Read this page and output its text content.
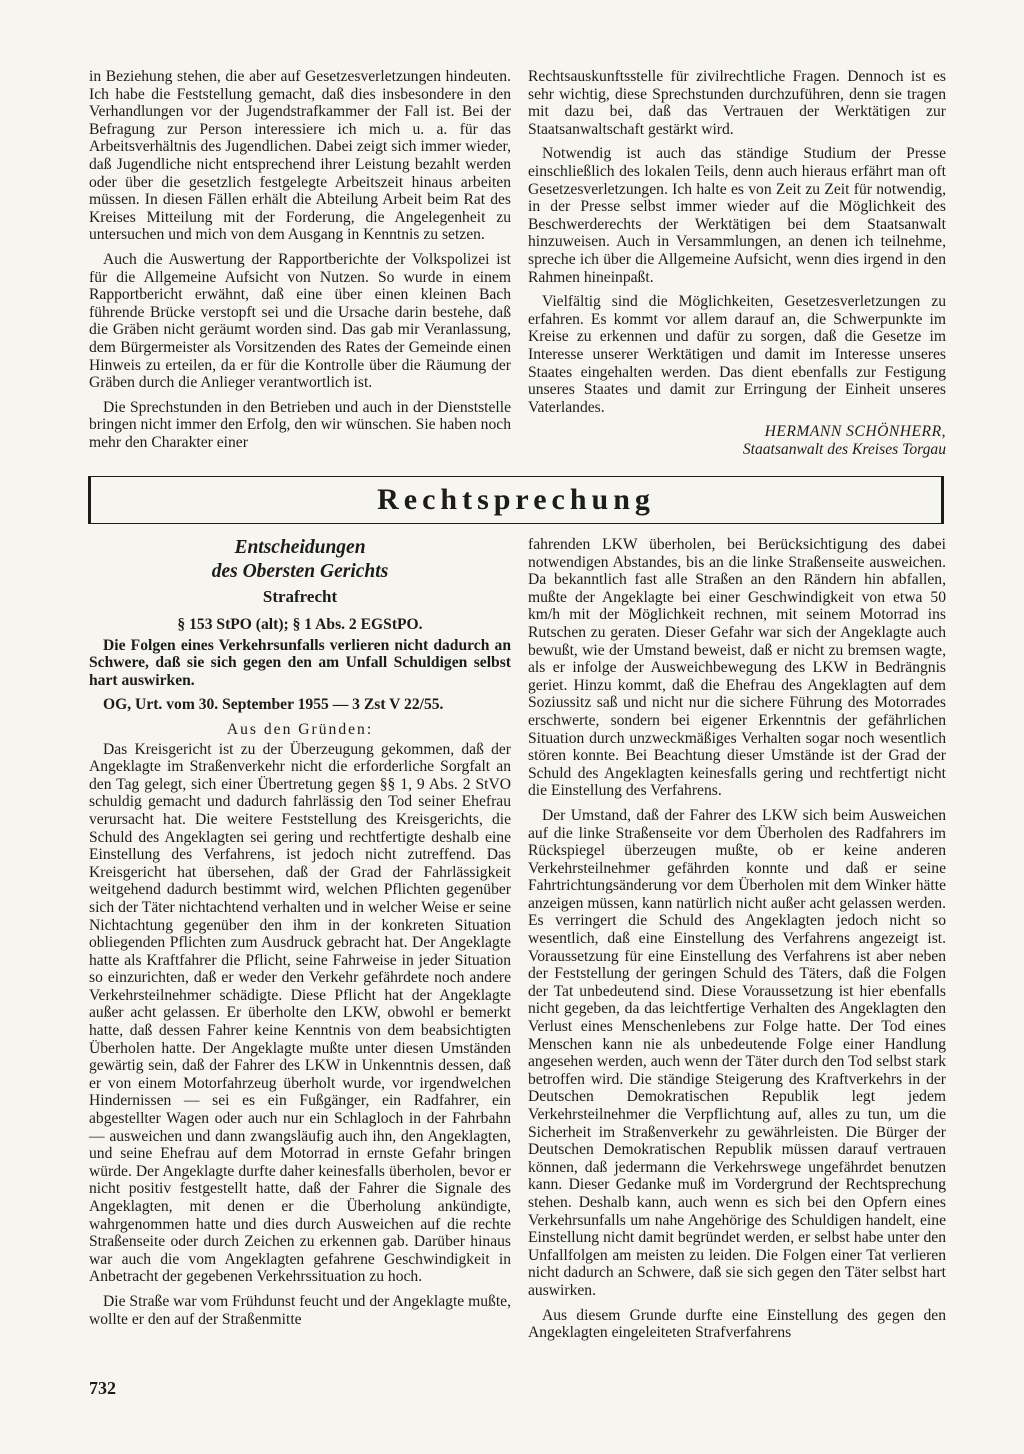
in Beziehung stehen, die aber auf Gesetzesverletzungen hindeuten. Ich habe die Feststellung gemacht, daß dies insbesondere in den Verhandlungen vor der Jugendstrafkammer der Fall ist. Bei der Befragung zur Person interessiere ich mich u. a. für das Arbeitsverhältnis des Jugendlichen. Dabei zeigt sich immer wieder, daß Jugendliche nicht entsprechend ihrer Leistung bezahlt werden oder über die gesetzlich festgelegte Arbeitszeit hinaus arbeiten müssen. In diesen Fällen erhält die Abteilung Arbeit beim Rat des Kreises Mitteilung mit der Forderung, die Angelegenheit zu untersuchen und mich von dem Ausgang in Kenntnis zu setzen.

Auch die Auswertung der Rapportberichte der Volkspolizei ist für die Allgemeine Aufsicht von Nutzen. So wurde in einem Rapportbericht erwähnt, daß eine über einen kleinen Bach führende Brücke verstopft sei und die Ursache darin bestehe, daß die Gräben nicht geräumt worden sind. Das gab mir Veranlassung, dem Bürgermeister als Vorsitzenden des Rates der Gemeinde einen Hinweis zu erteilen, da er für die Kontrolle über die Räumung der Gräben durch die Anlieger verantwortlich ist.

Die Sprechstunden in den Betrieben und auch in der Dienststelle bringen nicht immer den Erfolg, den wir wünschen. Sie haben noch mehr den Charakter einer

Rechtsauskunftsstelle für zivilrechtliche Fragen. Dennoch ist es sehr wichtig, diese Sprechstunden durchzuführen, denn sie tragen mit dazu bei, daß das Vertrauen der Werktätigen zur Staatsanwaltschaft gestärkt wird.

Notwendig ist auch das ständige Studium der Presse einschließlich des lokalen Teils, denn auch hieraus erfährt man oft Gesetzesverletzungen. Ich halte es von Zeit zu Zeit für notwendig, in der Presse selbst immer wieder auf die Möglichkeit des Beschwerderechts der Werktätigen bei dem Staatsanwalt hinzuweisen. Auch in Versammlungen, an denen ich teilnehme, spreche ich über die Allgemeine Aufsicht, wenn dies irgend in den Rahmen hineinpaßt.

Vielfältig sind die Möglichkeiten, Gesetzesverletzungen zu erfahren. Es kommt vor allem darauf an, die Schwerpunkte im Kreise zu erkennen und dafür zu sorgen, daß die Gesetze im Interesse unserer Werktätigen und damit im Interesse unseres Staates eingehalten werden. Das dient ebenfalls zur Festigung unseres Staates und damit zur Erringung der Einheit unseres Vaterlandes.

HERMANN SCHÖNHERR,
Staatsanwalt des Kreises Torgau
Rechtsprechung
Entscheidungen
des Obersten Gerichts
Strafrecht
§ 153 StPO (alt); § 1 Abs. 2 EGStPO.

Die Folgen eines Verkehrsunfalls verlieren nicht dadurch an Schwere, daß sie sich gegen den am Unfall Schuldigen selbst hart auswirken.

OG, Urt. vom 30. September 1955 — 3 Zst V 22/55.

Aus den Gründen:

Das Kreisgericht ist zu der Überzeugung gekommen, daß der Angeklagte im Straßenverkehr nicht die erforderliche Sorgfalt an den Tag gelegt, sich einer Übertretung gegen §§ 1, 9 Abs. 2 StVO schuldig gemacht und dadurch fahrlässig den Tod seiner Ehefrau verursacht hat. Die weitere Feststellung des Kreisgerichts, die Schuld des Angeklagten sei gering und rechtfertigte deshalb eine Einstellung des Verfahrens, ist jedoch nicht zutreffend. Das Kreisgericht hat übersehen, daß der Grad der Fahrlässigkeit weitgehend dadurch bestimmt wird, welchen Pflichten gegenüber sich der Täter nichtachtend verhalten und in welcher Weise er seine Nichtachtung gegenüber den ihm in der konkreten Situation obliegenden Pflichten zum Ausdruck gebracht hat. Der Angeklagte hatte als Kraftfahrer die Pflicht, seine Fahrweise in jeder Situation so einzurichten, daß er weder den Verkehr gefährdete noch andere Verkehrsteilnehmer schädigte. Diese Pflicht hat der Angeklagte außer acht gelassen. Er überholte den LKW, obwohl er bemerkt hatte, daß dessen Fahrer keine Kenntnis von dem beabsichtigten Überholen hatte. Der Angeklagte mußte unter diesen Umständen gewärtig sein, daß der Fahrer des LKW in Unkenntnis dessen, daß er von einem Motorfahrzeug überholt wurde, vor irgendwelchen Hindernissen — sei es ein Fußgänger, ein Radfahrer, ein abgestellter Wagen oder auch nur ein Schlagloch in der Fahrbahn — ausweichen und dann zwangsläufig auch ihn, den Angeklagten, und seine Ehefrau auf dem Motorrad in ernste Gefahr bringen würde. Der Angeklagte durfte daher keinesfalls überholen, bevor er nicht positiv festgestellt hatte, daß der Fahrer die Signale des Angeklagten, mit denen er die Überholung ankündigte, wahrgenommen hatte und dies durch Ausweichen auf die rechte Straßenseite oder durch Zeichen zu erkennen gab. Darüber hinaus war auch die vom Angeklagten gefahrene Geschwindigkeit in Anbetracht der gegebenen Verkehrssituation zu hoch.

Die Straße war vom Frühdunst feucht und der Angeklagte mußte, wollte er den auf der Straßenmitte

fahrenden LKW überholen, bei Berücksichtigung des dabei notwendigen Abstandes, bis an die linke Straßenseite ausweichen. Da bekanntlich fast alle Straßen an den Rändern hin abfallen, mußte der Angeklagte bei einer Geschwindigkeit von etwa 50 km/h mit der Möglichkeit rechnen, mit seinem Motorrad ins Rutschen zu geraten. Dieser Gefahr war sich der Angeklagte auch bewußt, wie der Umstand beweist, daß er nicht zu bremsen wagte, als er infolge der Ausweichbewegung des LKW in Bedrängnis geriet. Hinzu kommt, daß die Ehefrau des Angeklagten auf dem Soziussitz saß und nicht nur die sichere Führung des Motorrades erschwerte, sondern bei eigener Erkenntnis der gefährlichen Situation durch unzweckmäßiges Verhalten sogar noch wesentlich stören konnte. Bei Beachtung dieser Umstände ist der Grad der Schuld des Angeklagten keinesfalls gering und rechtfertigt nicht die Einstellung des Verfahrens.

Der Umstand, daß der Fahrer des LKW sich beim Ausweichen auf die linke Straßenseite vor dem Überholen des Radfahrers im Rückspiegel überzeugen mußte, ob er keine anderen Verkehrsteilnehmer gefährden konnte und daß er seine Fahrtrichtungsänderung vor dem Überholen mit dem Winker hätte anzeigen müssen, kann natürlich nicht außer acht gelassen werden. Es verringert die Schuld des Angeklagten jedoch nicht so wesentlich, daß eine Einstellung des Verfahrens angezeigt ist. Voraussetzung für eine Einstellung des Verfahrens ist aber neben der Feststellung der geringen Schuld des Täters, daß die Folgen der Tat unbedeutend sind. Diese Voraussetzung ist hier ebenfalls nicht gegeben, da das leichtfertige Verhalten des Angeklagten den Verlust eines Menschenlebens zur Folge hatte. Der Tod eines Menschen kann nie als unbedeutende Folge einer Handlung angesehen werden, auch wenn der Täter durch den Tod selbst stark betroffen wird. Die ständige Steigerung des Kraftverkehrs in der Deutschen Demokratischen Republik legt jedem Verkehrsteilnehmer die Verpflichtung auf, alles zu tun, um die Sicherheit im Straßenverkehr zu gewährleisten. Die Bürger der Deutschen Demokratischen Republik müssen darauf vertrauen können, daß jedermann die Verkehrswege ungefährdet benutzen kann. Dieser Gedanke muß im Vordergrund der Rechtsprechung stehen. Deshalb kann, auch wenn es sich bei den Opfern eines Verkehrsunfalls um nahe Angehörige des Schuldigen handelt, eine Einstellung nicht damit begründet werden, er selbst habe unter den Unfallfolgen am meisten zu leiden. Die Folgen einer Tat verlieren nicht dadurch an Schwere, daß sie sich gegen den Täter selbst hart auswirken.

Aus diesem Grunde durfte eine Einstellung des gegen den Angeklagten eingeleiteten Strafverfahrens

732
